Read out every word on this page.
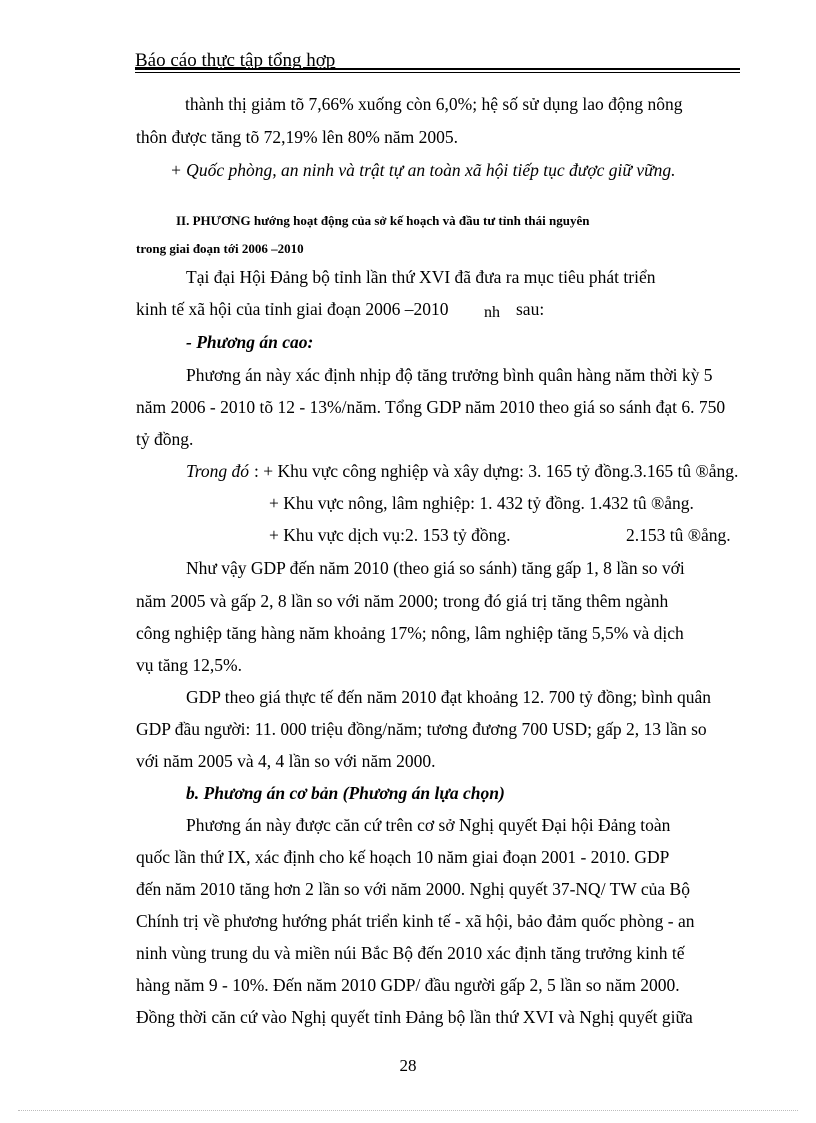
Báo cáo thực tập tổng hợp
thành thị giảm tõ 7,66% xuống còn 6,0%; hệ số sử dụng lao động nông
thôn được tăng tõ 72,19% lên 80% năm 2005.
+ Quốc phòng, an ninh và trật tự an toàn xã hội tiếp tục được giữ vững.
II. PHƯƠNG hướng hoạt động của sở kế hoạch và đầu tư tỉnh thái nguyên
trong giai đoạn tới 2006 –2010
Tại đại Hội Đảng bộ tỉnh lần thứ XVI đã đưa ra mục tiêu phát triển
kinh tế xã hội của tỉnh giai đoạn 2006 –2010 nh sau:
- Phương án cao:
Phương án này xác định nhịp độ tăng trưởng bình quân hàng năm thời kỳ 5
năm 2006 - 2010 tõ 12 - 13%/năm. Tổng GDP năm 2010 theo giá so sánh đạt 6. 750
tỷ đồng.
Trong đó : + Khu vực công nghiệp và xây dựng: 3. 165 tỷ đồng.3.165 tû ®ång.
+ Khu vực nông, lâm nghiệp: 1. 432 tỷ đồng. 1.432 tû ®ång.
+ Khu vực dịch vụ:2. 153 tỷ đồng.	2.153 tû ®ång.
Như vậy GDP đến năm 2010 (theo giá so sánh) tăng gấp 1, 8 lần so với
năm 2005 và gấp 2, 8 lần so với năm 2000; trong đó giá trị tăng thêm ngành
công nghiệp tăng hàng năm khoảng 17%; nông, lâm nghiệp tăng 5,5% và dịch
vụ tăng 12,5%.
GDP theo giá thực tế đến năm 2010 đạt khoảng 12. 700 tỷ đồng; bình quân
GDP đầu người: 11. 000 triệu đồng/năm; tương đương 700 USD; gấp 2, 13 lần so
với năm 2005 và 4, 4 lần so với năm 2000.
b. Phương án cơ bản (Phương án lựa chọn)
Phương án này được căn cứ trên cơ sở Nghị quyết Đại hội Đảng toàn
quốc lần thứ IX, xác định cho kế hoạch 10 năm giai đoạn 2001 - 2010. GDP
đến năm 2010 tăng hơn 2 lần so với năm 2000. Nghị quyết 37-NQ/ TW của Bộ
Chính trị về phương hướng phát triển kinh tế - xã hội, bảo đảm quốc phòng - an
ninh vùng trung du và miền núi Bắc Bộ đến 2010 xác định tăng trưởng kinh tế
hàng năm 9 - 10%. Đến năm 2010 GDP/ đầu người gấp 2, 5 lần so năm 2000.
Đồng thời căn cứ vào Nghị quyết tỉnh Đảng bộ lần thứ XVI và Nghị quyết giữa
28
